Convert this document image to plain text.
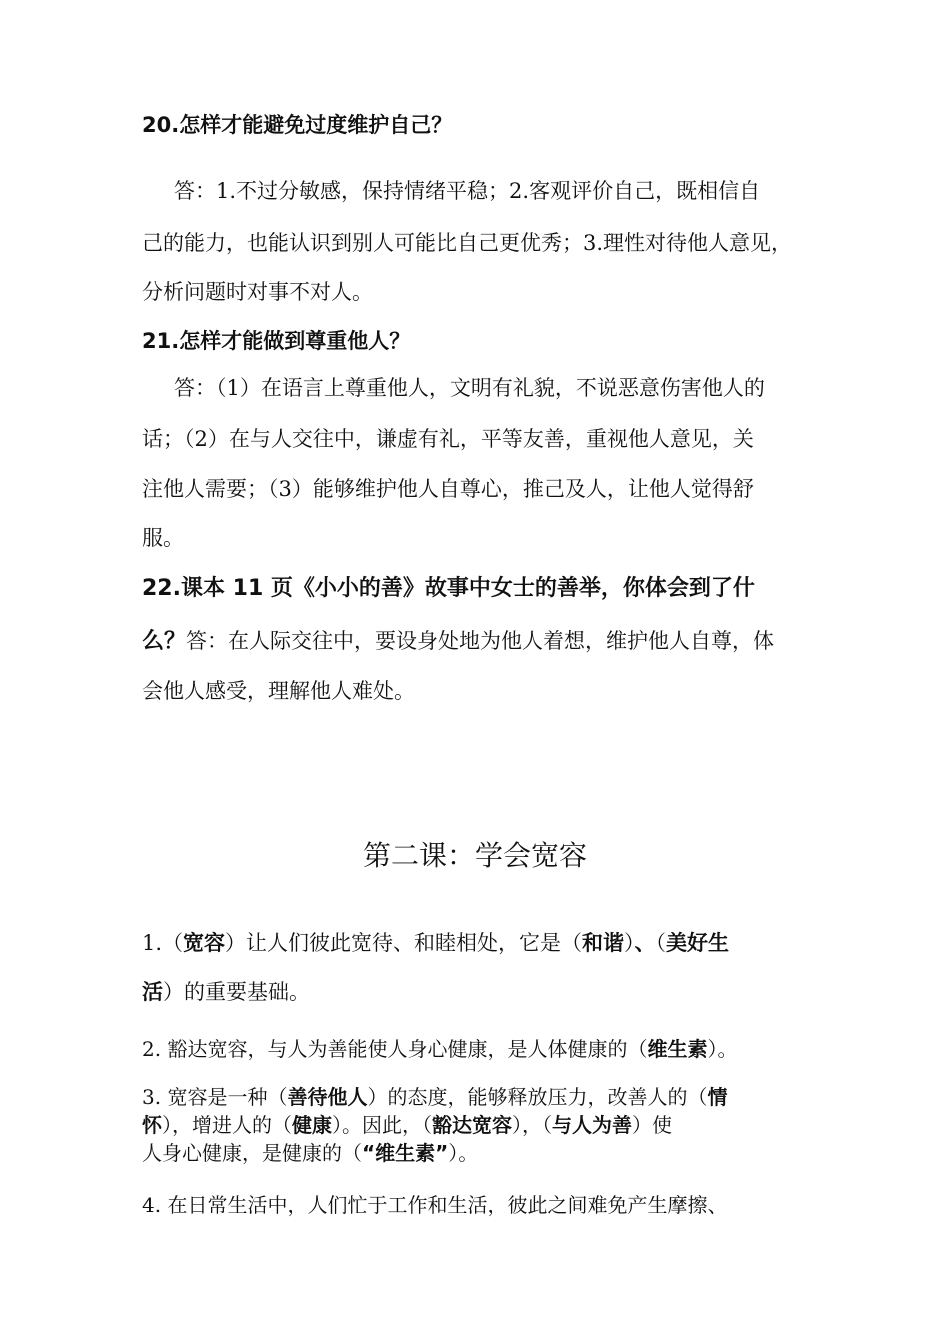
20.怎样才能避免过度维护自己？
答：1.不过分敏感，保持情绪平稳；2.客观评价自己，既相信自
己的能力，也能认识到别人可能比自己更优秀；3.理性对待他人意见，
分析问题时对事不对人。
21.怎样才能做到尊重他人？
答：（1）在语言上尊重他人，文明有礼貌，不说恶意伤害他人的
话；（2）在与人交往中，谦虚有礼，平等友善，重视他人意见，关
注他人需要；（3）能够维护他人自尊心，推己及人，让他人觉得舒
服。
22.课本 11 页《小小的善》故事中女士的善举，你体会到了什
么？答：在人际交往中，要设身处地为他人着想，维护他人自尊，体
会他人感受，理解他人难处。
第二课：学会宽容
1.（宽容）让人们彼此宽待、和睦相处，它是（和谐）、（美好生
活）的重要基础。
2. 豁达宽容，与人为善能使人身心健康，是人体健康的（维生素）。
3. 宽容是一种（善待他人）的态度，能够释放压力，改善人的（情
怀），增进人的（健康）。因此，（豁达宽容），（与人为善）使
人身心健康，是健康的（“维生素”）。
4. 在日常生活中，人们忙于工作和生活，彼此之间难免产生摩擦、
